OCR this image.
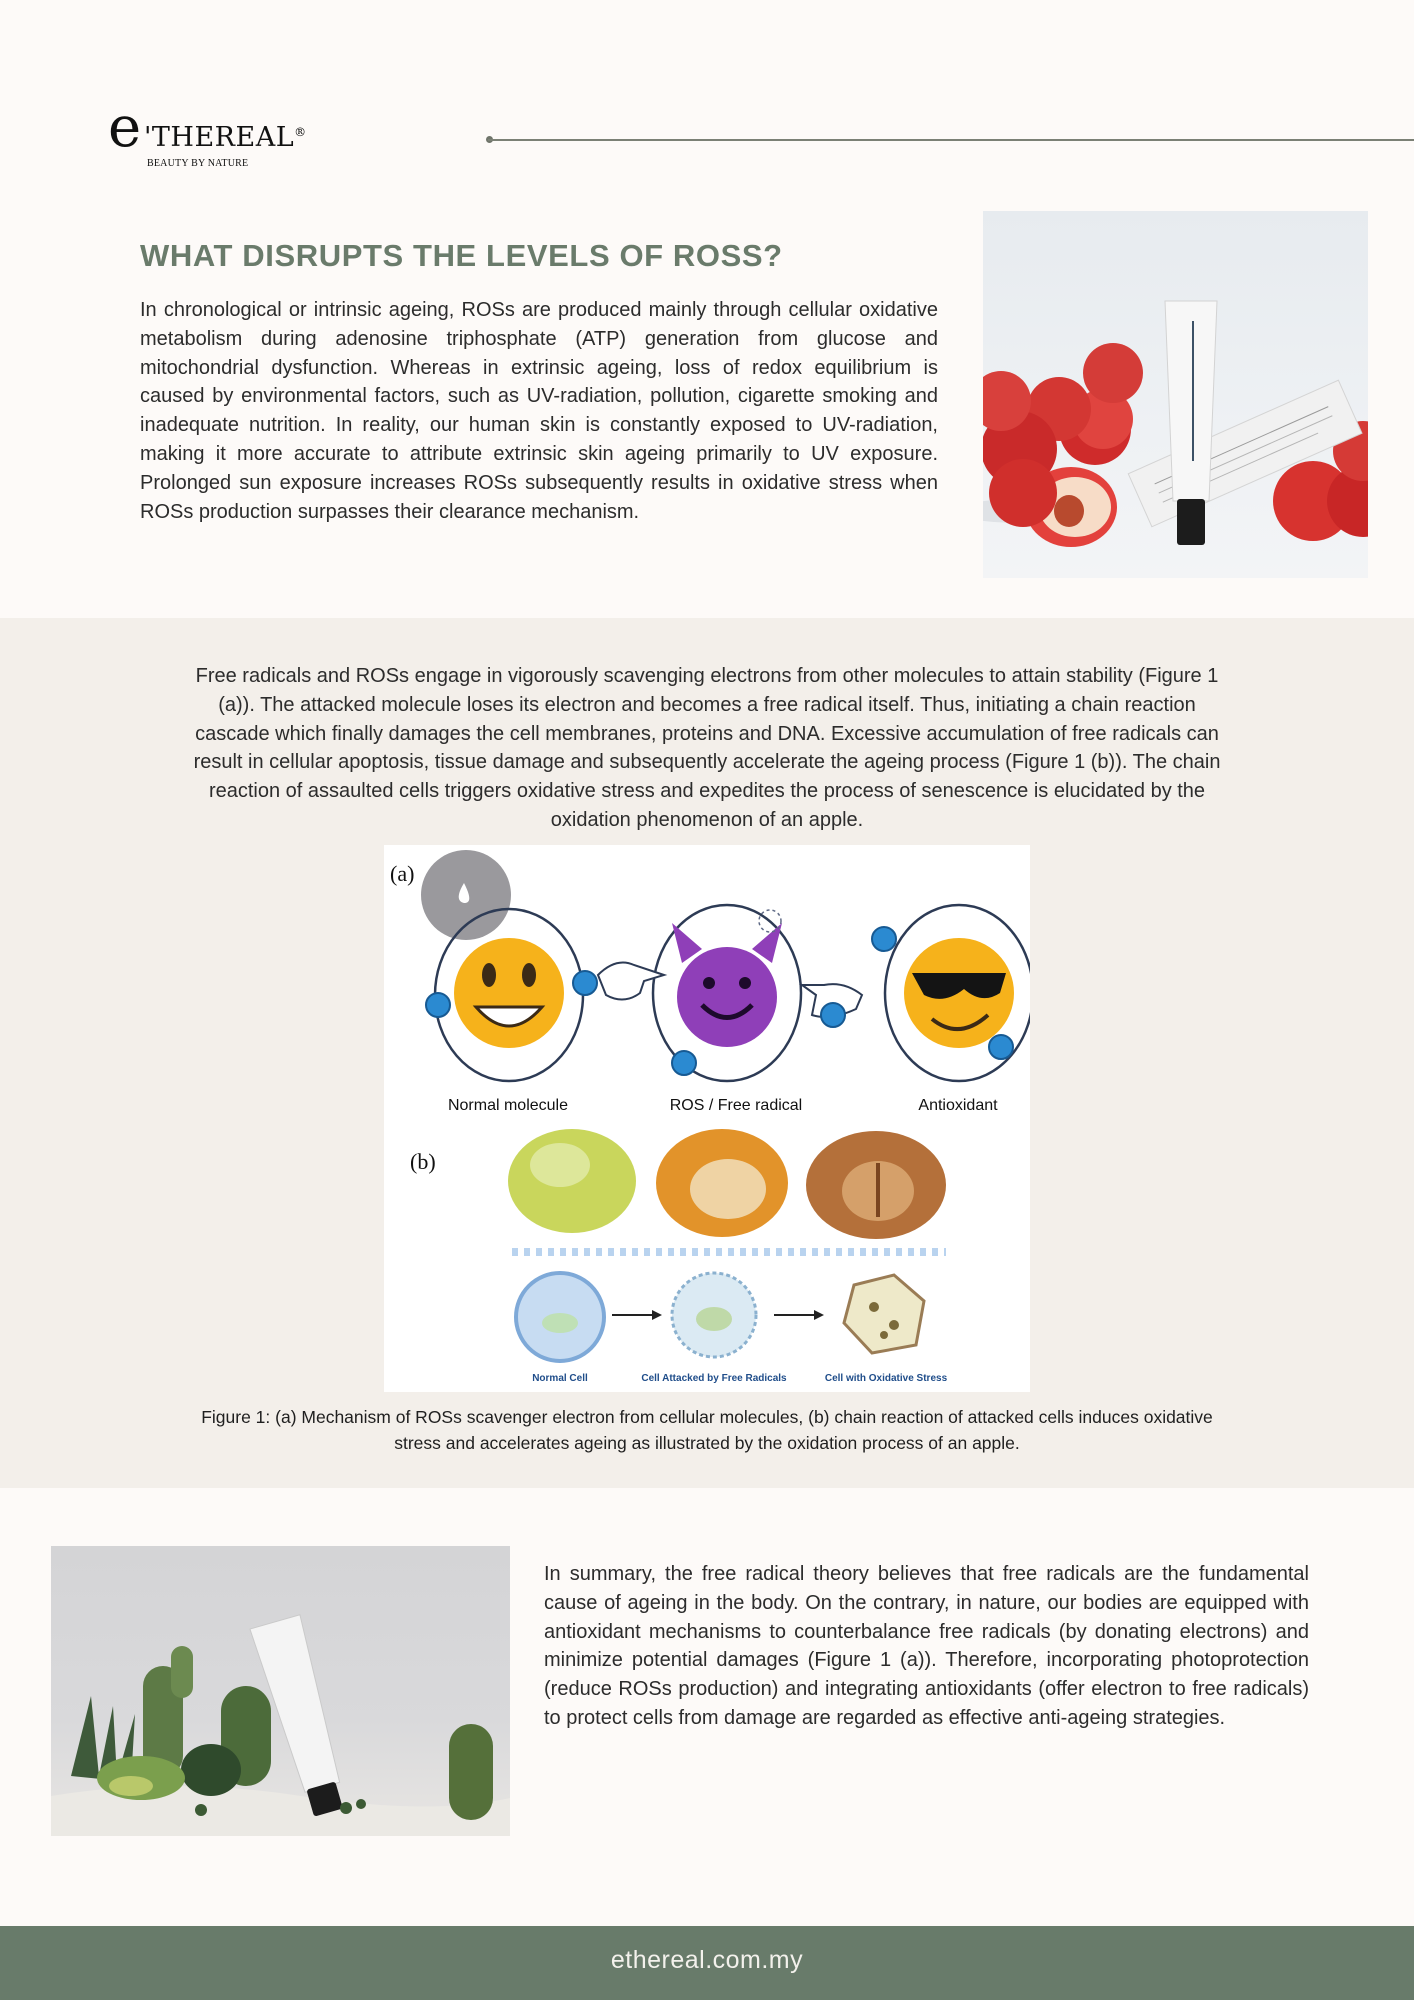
e 'THEREAL®
BEAUTY BY NATURE
WHAT DISRUPTS THE LEVELS OF ROSS?
In chronological or intrinsic ageing, ROSs are produced mainly through cellular oxidative metabolism during adenosine triphosphate (ATP) generation from glucose and mitochondrial dysfunction. Whereas in extrinsic ageing, loss of redox equilibrium is caused by environmental factors, such as UV-radiation, pollution, cigarette smoking and inadequate nutrition. In reality, our human skin is constantly exposed to UV-radiation, making it more accurate to attribute extrinsic skin ageing primarily to UV exposure. Prolonged sun exposure increases ROSs subsequently results in oxidative stress when ROSs production surpasses their clearance mechanism.
Free radicals and ROSs engage in vigorously scavenging electrons from other molecules to attain stability (Figure 1 (a)). The attacked molecule loses its electron and becomes a free radical itself. Thus, initiating a chain reaction cascade which finally damages the cell membranes, proteins and DNA. Excessive accumulation of free radicals can result in cellular apoptosis, tissue damage and subsequently accelerate the ageing process (Figure 1 (b)). The chain reaction of assaulted cells triggers oxidative stress and expedites the process of senescence is elucidated by the oxidation phenomenon of an apple.
(a)
Normal molecule	ROS / Free radical	Antioxidant
(b)
Normal Cell	Cell Attacked by Free Radicals	Cell with Oxidative Stress
Figure 1: (a) Mechanism of ROSs scavenger electron from cellular molecules, (b) chain reaction of attacked cells induces oxidative stress and accelerates ageing as illustrated by the oxidation process of an apple.
In summary, the free radical theory believes that free radicals are the fundamental cause of ageing in the body. On the contrary, in nature, our bodies are equipped with antioxidant mechanisms to counterbalance free radicals (by donating electrons) and minimize potential damages (Figure 1 (a)). Therefore, incorporating photoprotection (reduce ROSs production) and integrating antioxidants (offer electron to free radicals) to protect cells from damage are regarded as effective anti-ageing strategies.
ethereal.com.my
